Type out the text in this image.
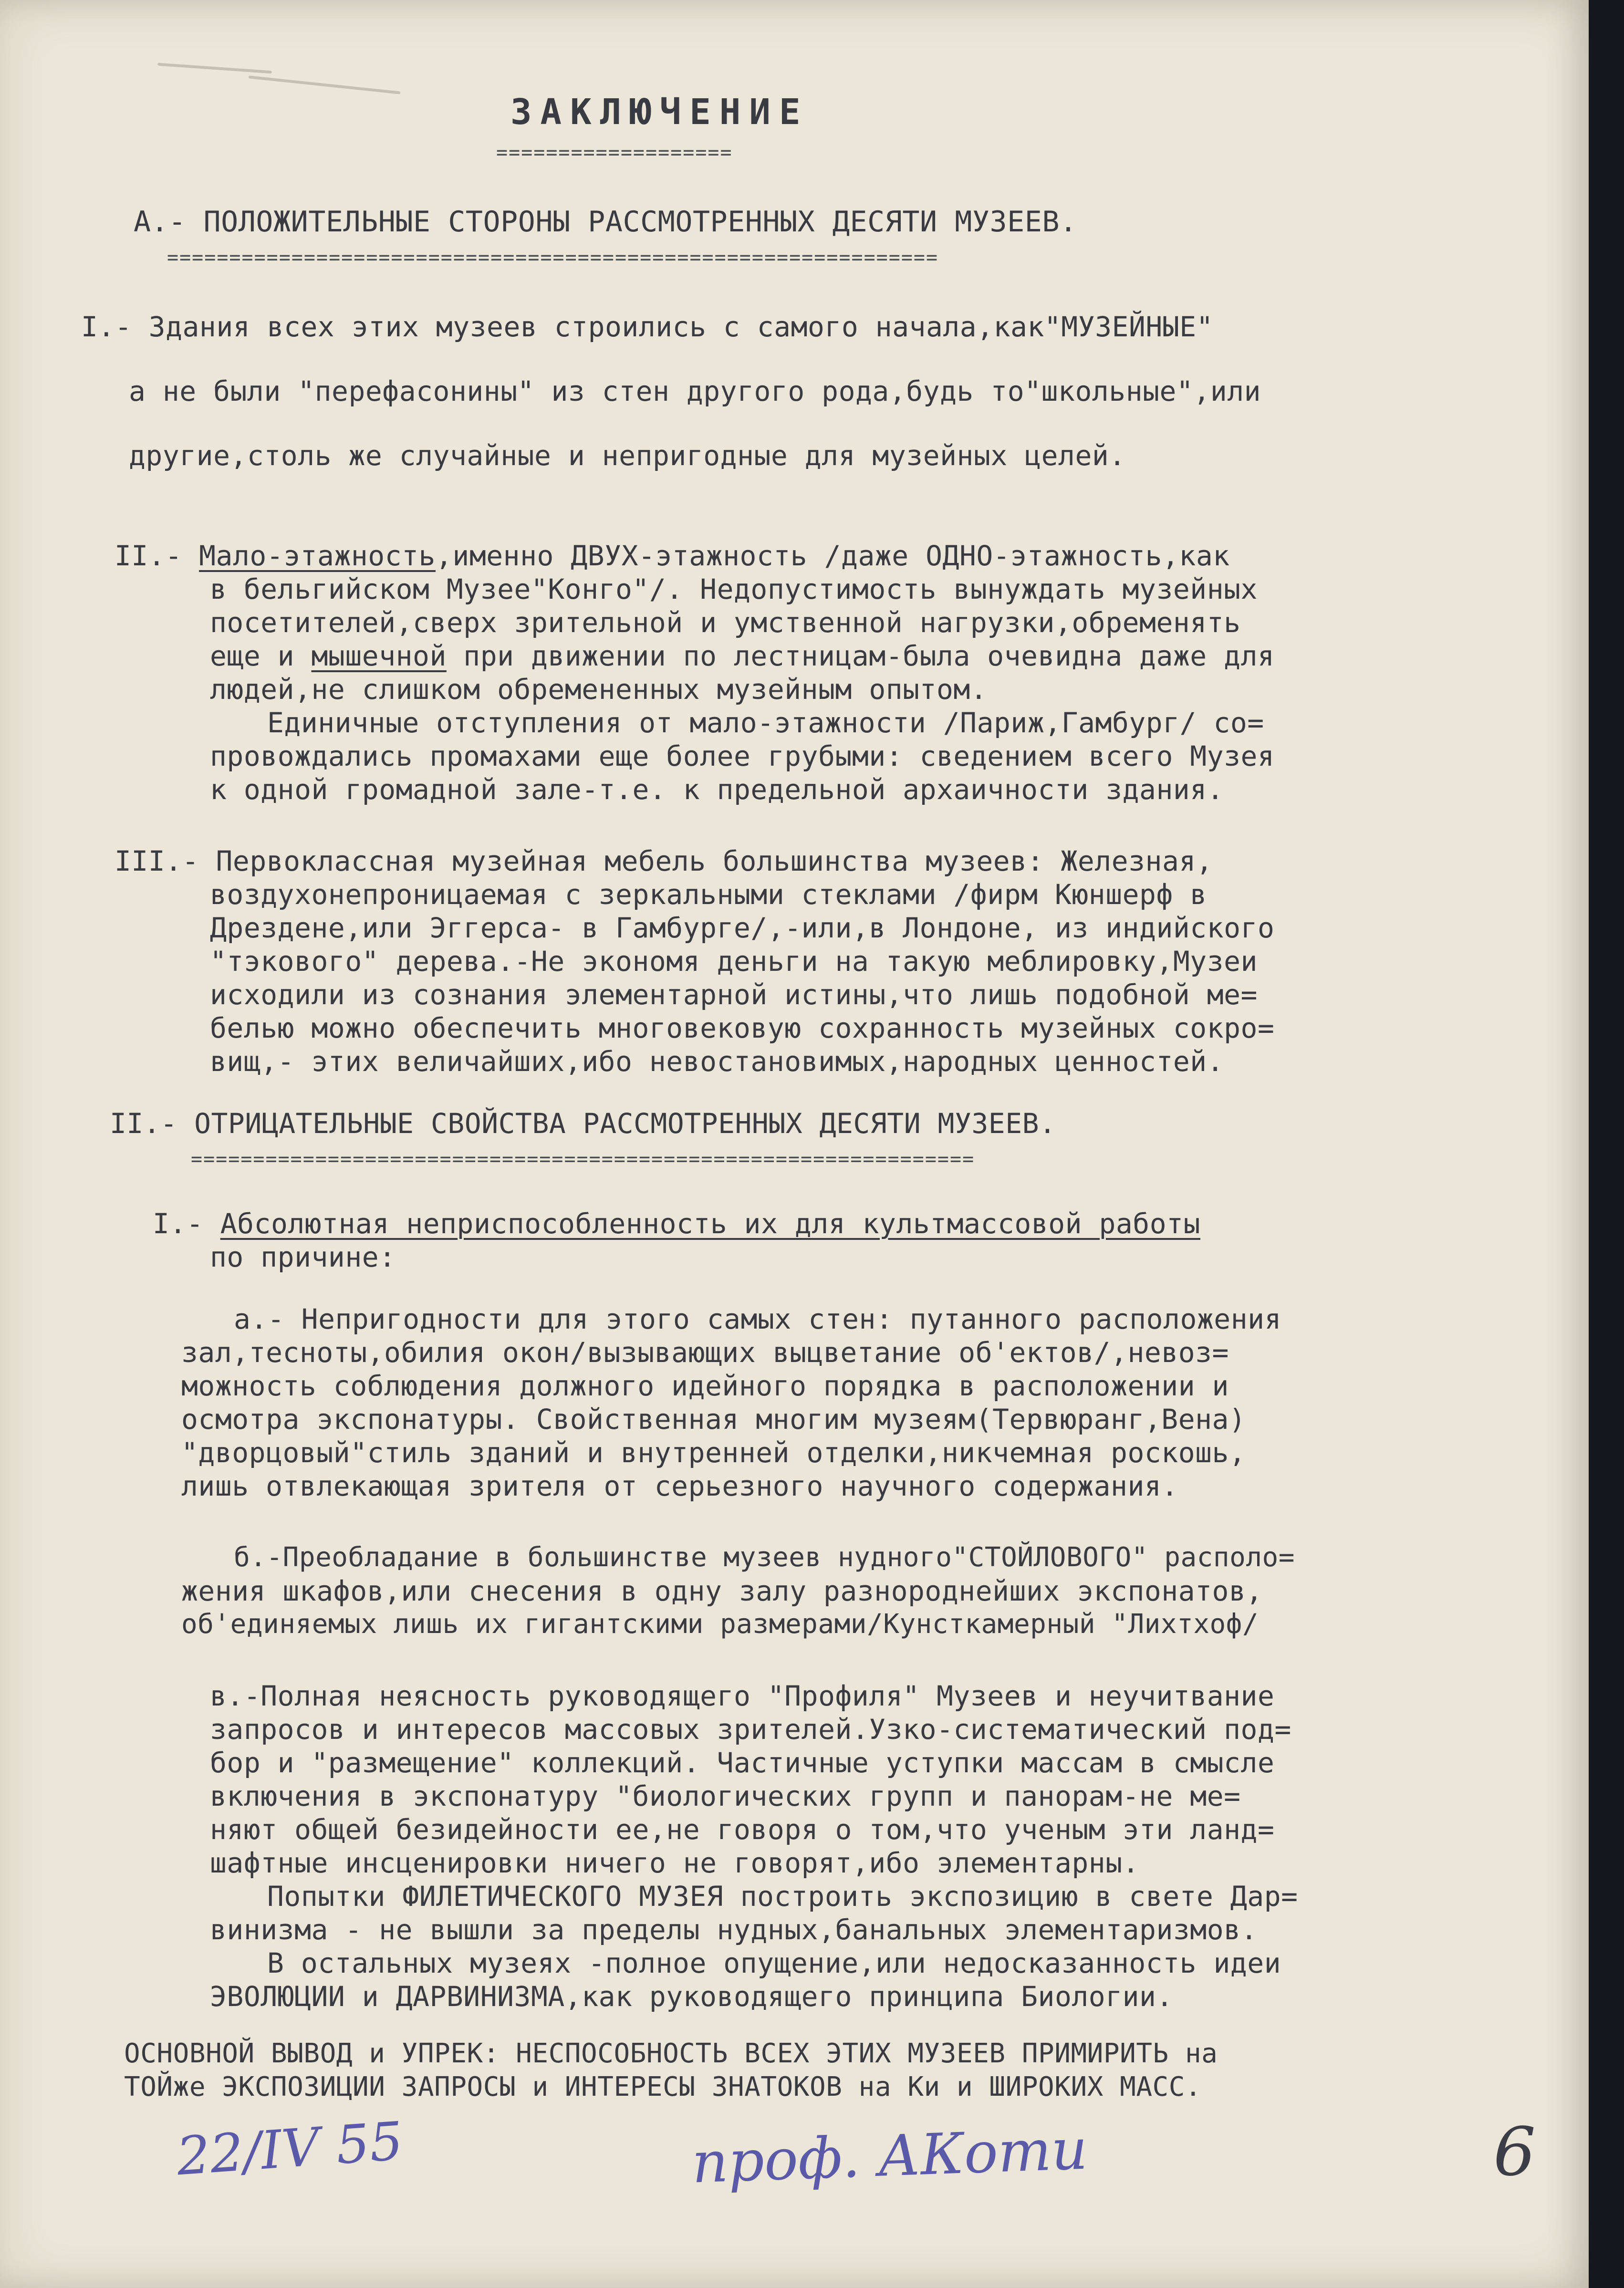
ЗАКЛЮЧЕНИЕ

===================

А.- ПОЛОЖИТЕЛЬНЫЕ СТОРОНЫ РАССМОТРЕННЫХ ДЕСЯТИ МУЗЕЕВ.

==============================================================

I.- Здания всех этих музеев строились с самого начала,как"МУЗЕЙНЫЕ"

а не были "перефасонины" из стен другого рода,будь то"школьные",или

другие,столь же случайные и непригодные для музейных целей.

II.- Мало-этажность,именно ДВУХ-этажность /даже ОДНО-этажность,как

в бельгийском Музее"Конго"/. Недопустимость вынуждать музейных

посетителей,сверх зрительной и умственной нагрузки,обременять

еще и мышечной при движении по лестницам-была очевидна даже для

людей,не слишком обремененных музейным опытом.

Единичные отступления от мало-этажности /Париж,Гамбург/ со=

провождались промахами еще более грубыми: сведением всего Музея

к одной громадной зале-т.е. к предельной архаичности здания.

III.- Первоклассная музейная мебель большинства музеев: Железная,

воздухонепроницаемая с зеркальными стеклами /фирм Кюншерф в

Дрездене,или Эггерса- в Гамбурге/,-или,в Лондоне, из индийского

"тэкового" дерева.-Не экономя деньги на такую меблировку,Музеи

исходили из сознания элементарной истины,что лишь подобной ме=

белью можно обеспечить многовековую сохранность музейных сокро=

вищ,- этих величайших,ибо невостановимых,народных ценностей.

II.- ОТРИЦАТЕЛЬНЫЕ СВОЙСТВА РАССМОТРЕННЫХ ДЕСЯТИ МУЗЕЕВ.

===============================================================

I.- Абсолютная неприспособленность их для культмассовой работы

по причине:

а.- Непригодности для этого самых стен: путанного расположения

зал,тесноты,обилия окон/вызывающих выцветание об'ектов/,невоз=

можность соблюдения должного идейного порядка в расположении и

осмотра экспонатуры. Свойственная многим музеям(Тервюранг,Вена)

"дворцовый"стиль зданий и внутренней отделки,никчемная роскошь,

лишь отвлекающая зрителя от серьезного научного содержания.

б.-Преобладание в большинстве музеев нудного"СТОЙЛОВОГО" располо=

жения шкафов,или снесения в одну залу разнороднейших экспонатов,

об'единяемых лишь их гигантскими размерами/Кунсткамерный "Лихтхоф/

в.-Полная неясность руководящего "Профиля" Музеев и неучитвание

запросов и интересов массовых зрителей.Узко-систематический под=

бор и "размещение" коллекций. Частичные уступки массам в смысле

включения в экспонатуру "биологических групп и панорам-не ме=

няют общей безидейности ее,не говоря о том,что ученым эти ланд=

шафтные инсценировки ничего не говорят,ибо элементарны.

Попытки ФИЛЕТИЧЕСКОГО МУЗЕЯ построить экспозицию в свете Дар=

винизма - не вышли за пределы нудных,банальных элементаризмов.

В остальных музеях -полное опущение,или недосказанность идеи

ЭВОЛЮЦИИ и ДАРВИНИЗМА,как руководящего принципа Биологии.

ОСНОВНОЙ ВЫВОД и УПРЕК: НЕСПОСОБНОСТЬ ВСЕХ ЭТИХ МУЗЕЕВ ПРИМИРИТЬ на

ТОЙже ЭКСПОЗИЦИИ ЗАПРОСЫ и ИНТЕРЕСЫ ЗНАТОКОВ на Ки и ШИРОКИХ МАСС.

22/IV 55	проф. АКоти	6
